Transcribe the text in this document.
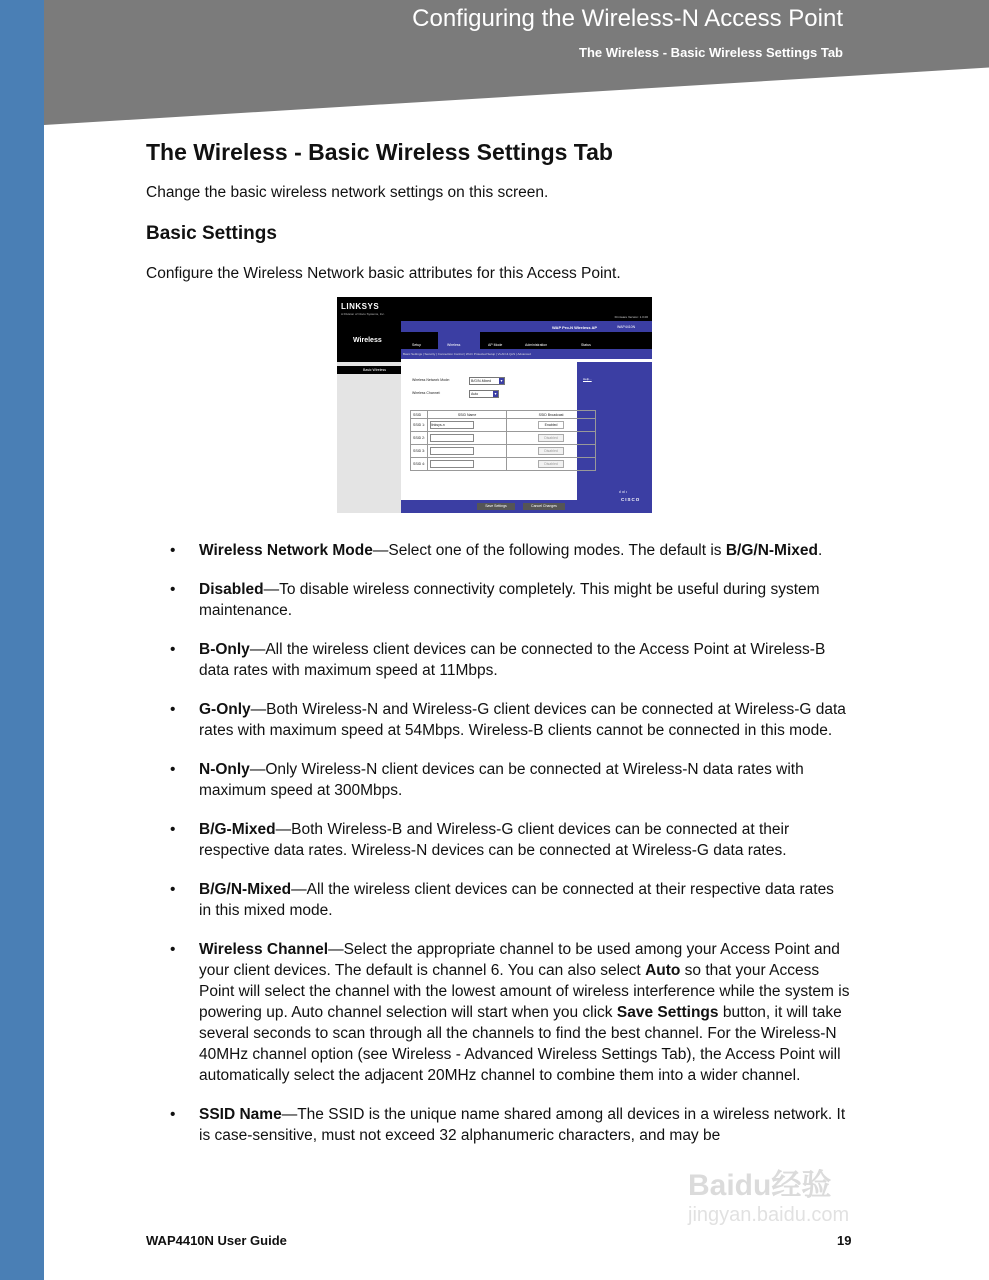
Configuring the Wireless-N Access Point
The Wireless - Basic Wireless Settings Tab
The Wireless - Basic Wireless Settings Tab
Change the basic wireless network settings on this screen.
Basic Settings
Configure the Wireless Network basic attributes for this Access Point.
LINKSYS
A Division of Cisco Systems, Inc.
Firmware Version: 1.0.00
WAP Pro-N Wireless AP	WAP4410N
Wireless
Setup	Wireless	AP Mode	Administration	Status
Basic Settings | Security | Connection Control | Wi-Fi Protected Setup | VLAN & QoS | Advanced
Basic Wireless
Help...
ılıılı
CISCO
Wireless Network Mode:	B/G/N-Mixed ▾
Wireless Channel:	Auto ▾
SSID	SSID Name	SSID Broadcast
SSID 1:	linksys-n	Enabled
SSID 2:		Disabled
SSID 3:		Disabled
SSID 4:		Disabled
Save Settings	Cancel Changes
• Wireless Network Mode—Select one of the following modes. The default is B/G/N-Mixed.
• Disabled—To disable wireless connectivity completely. This might be useful during system maintenance.
• B-Only—All the wireless client devices can be connected to the Access Point at Wireless-B data rates with maximum speed at 11Mbps.
• G-Only—Both Wireless-N and Wireless-G client devices can be connected at Wireless-G data rates with maximum speed at 54Mbps. Wireless-B clients cannot be connected in this mode.
• N-Only—Only Wireless-N client devices can be connected at Wireless-N data rates with maximum speed at 300Mbps.
• B/G-Mixed—Both Wireless-B and Wireless-G client devices can be connected at their respective data rates. Wireless-N devices can be connected at Wireless-G data rates.
• B/G/N-Mixed—All the wireless client devices can be connected at their respective data rates in this mixed mode.
• Wireless Channel—Select the appropriate channel to be used among your Access Point and your client devices. The default is channel 6. You can also select Auto so that your Access Point will select the channel with the lowest amount of wireless interference while the system is powering up. Auto channel selection will start when you click Save Settings button, it will take several seconds to scan through all the channels to find the best channel. For the Wireless-N 40MHz channel option (see Wireless - Advanced Wireless Settings Tab), the Access Point will automatically select the adjacent 20MHz channel to combine them into a wider channel.
• SSID Name—The SSID is the unique name shared among all devices in a wireless network. It is case-sensitive, must not exceed 32 alphanumeric characters, and may be
WAP4410N User Guide	19
Baidu经验
jingyan.baidu.com
